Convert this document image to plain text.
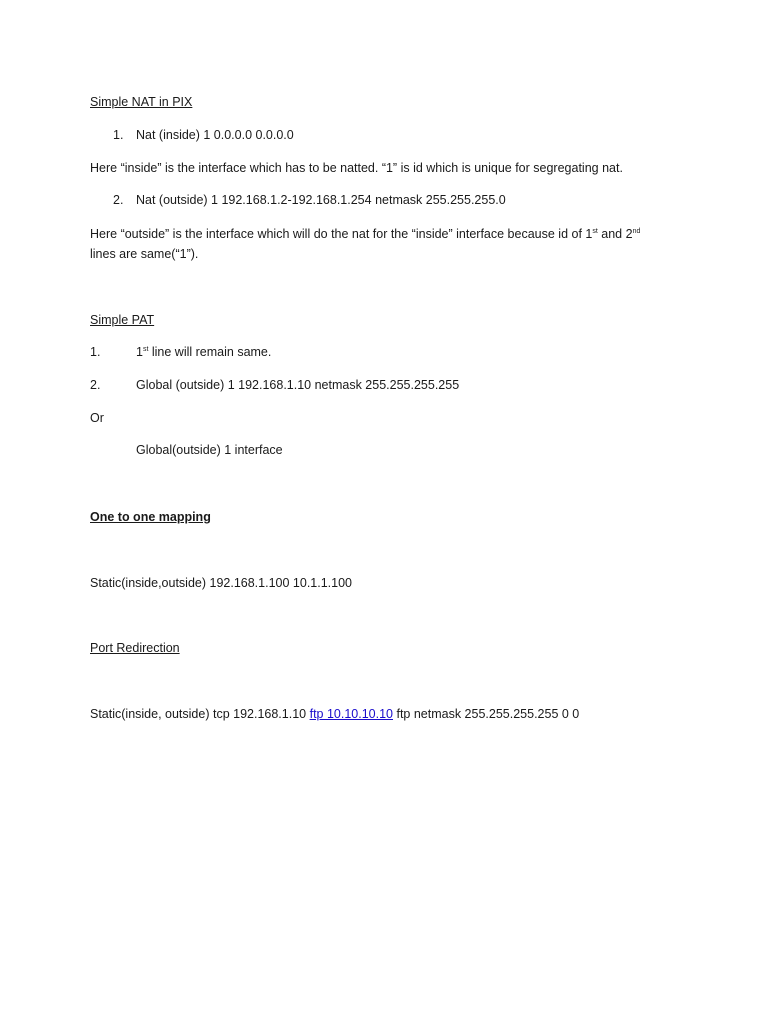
Simple NAT in PIX
1. Nat (inside) 1 0.0.0.0 0.0.0.0
Here “inside” is the interface which has to be natted. “1” is id which is unique for segregating nat.
2. Nat (outside) 1 192.168.1.2-192.168.1.254 netmask 255.255.255.0
Here “outside” is the interface which will do the nat for the “inside” interface because id of 1st and 2nd
lines are same(“1”).
Simple PAT
1.	1st line will remain same.
2.	Global (outside) 1 192.168.1.10 netmask 255.255.255.255
Or
Global(outside) 1 interface
One to one mapping
Static(inside,outside) 192.168.1.100 10.1.1.100
Port Redirection
Static(inside, outside) tcp 192.168.1.10 ftp 10.10.10.10 ftp netmask 255.255.255.255 0 0
